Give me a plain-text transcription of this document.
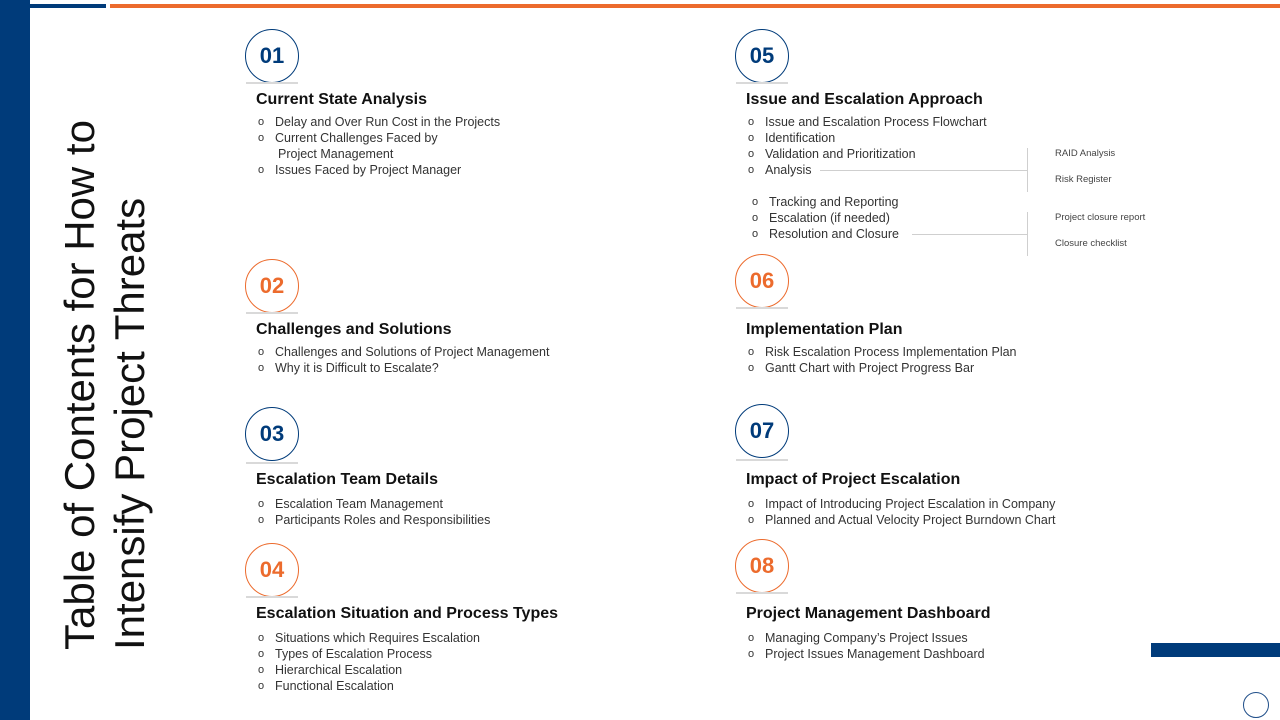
Table of Contents for How to Intensify Project Threats
01
Current State Analysis
o Delay and Over Run Cost in the Projects
o Current Challenges Faced by
Project Management
o Issues Faced by Project Manager
02
Challenges and Solutions
o Challenges and Solutions of Project Management
o Why it is Difficult to Escalate?
03
Escalation Team Details
o Escalation Team Management
o Participants Roles and Responsibilities
04
Escalation Situation and Process Types
o Situations which Requires Escalation
o Types of Escalation Process
o Hierarchical Escalation
o Functional Escalation
05
Issue and Escalation Approach
o Issue and Escalation Process Flowchart
o Identification
o Validation and Prioritization
o Analysis
o Tracking and Reporting
o Escalation (if needed)
o Resolution and Closure
RAID Analysis
Risk Register
Project closure report
Closure checklist
06
Implementation Plan
o Risk Escalation Process Implementation Plan
o Gantt Chart with Project Progress Bar
07
Impact of Project Escalation
o Impact of Introducing Project Escalation in Company
o Planned and Actual Velocity Project Burndown Chart
08
Project Management Dashboard
o Managing Company’s Project Issues
o Project Issues Management Dashboard
